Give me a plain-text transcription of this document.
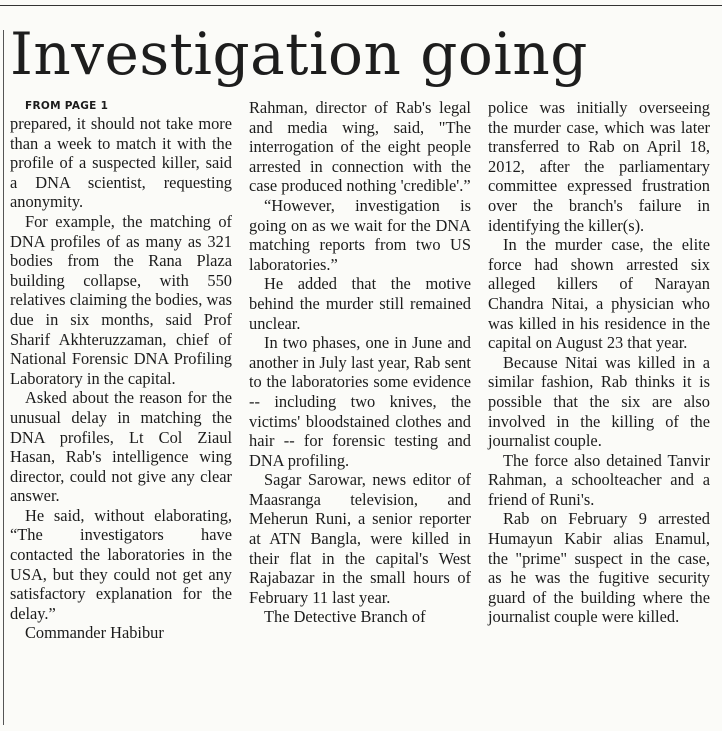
Investigation going

FROM PAGE 1

prepared, it should not take more than a week to match it with the profile of a suspected killer, said a DNA scientist, requesting anonymity.

For example, the matching of DNA profiles of as many as 321 bodies from the Rana Plaza building collapse, with 550 relatives claiming the bodies, was due in six months, said Prof Sharif Akhteruzzaman, chief of National Forensic DNA Profiling Laboratory in the capital.

Asked about the reason for the unusual delay in matching the DNA profiles, Lt Col Ziaul Hasan, Rab's intelligence wing director, could not give any clear answer.

He said, without elaborating, “The investigators have contacted the laboratories in the USA, but they could not get any satisfactory explanation for the delay.”

Commander Habibur

Rahman, director of Rab's legal and media wing, said, "The interrogation of the eight people arrested in connection with the case produced nothing 'credible'.”

“However, investigation is going on as we wait for the DNA matching reports from two US laboratories.”

He added that the motive behind the murder still remained unclear.

In two phases, one in June and another in July last year, Rab sent to the laboratories some evidence -- including two knives, the victims' bloodstained clothes and hair -- for forensic testing and DNA profiling.

Sagar Sarowar, news editor of Maasranga television, and Meherun Runi, a senior reporter at ATN Bangla, were killed in their flat in the capital's West Rajabazar in the small hours of February 11 last year.

The Detective Branch of

police was initially overseeing the murder case, which was later transferred to Rab on April 18, 2012, after the parliamentary committee expressed frustration over the branch's failure in identifying the killer(s).

In the murder case, the elite force had shown arrested six alleged killers of Narayan Chandra Nitai, a physician who was killed in his residence in the capital on August 23 that year.

Because Nitai was killed in a similar fashion, Rab thinks it is possible that the six are also involved in the killing of the journalist couple.

The force also detained Tanvir Rahman, a schoolteacher and a friend of Runi's.

Rab on February 9 arrested Humayun Kabir alias Enamul, the "prime" suspect in the case, as he was the fugitive security guard of the building where the journalist couple were killed.
